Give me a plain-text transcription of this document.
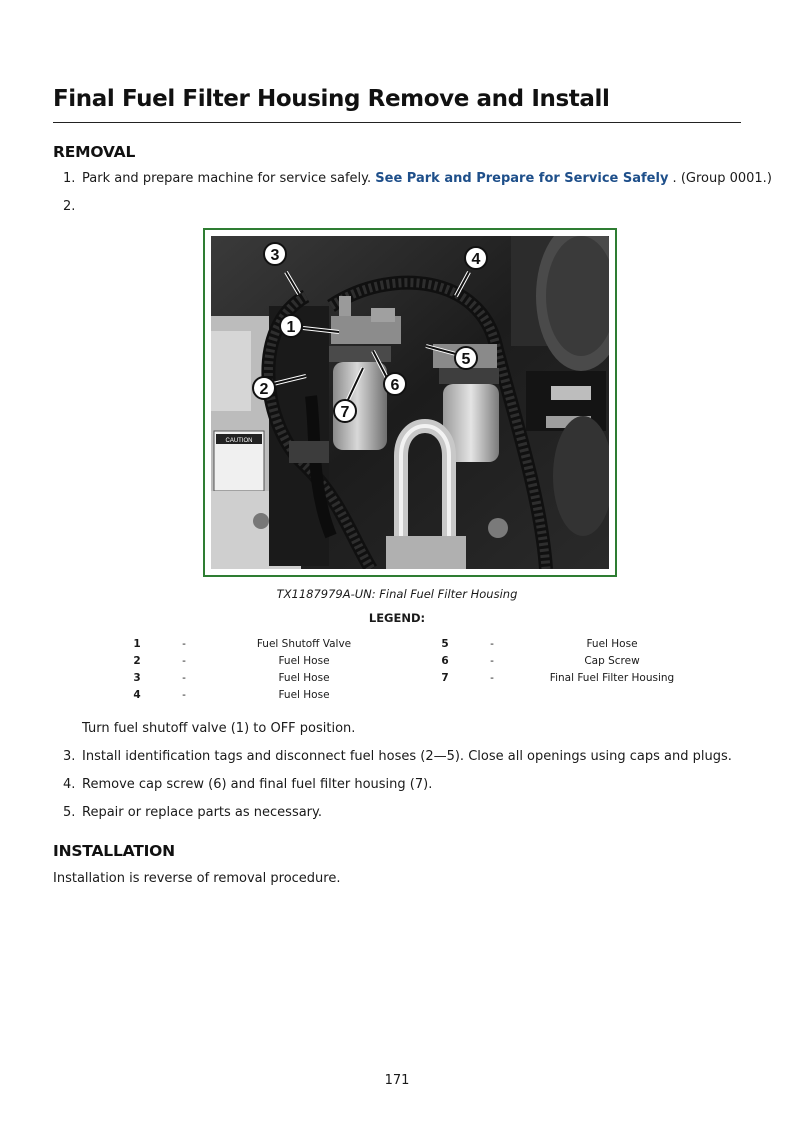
Final Fuel Filter Housing Remove and Install
REMOVAL
1. Park and prepare machine for service safely. See Park and Prepare for Service Safely . (Group 0001.)
2.
CAUTION
3	4
1
2
5
6
7
TX1187979A-UN: Final Fuel Filter Housing
LEGEND:
1	-	Fuel Shutoff Valve
2	-	Fuel Hose
3	-	Fuel Hose
4	-	Fuel Hose
5	-	Fuel Hose
6	-	Cap Screw
7	-	Final Fuel Filter Housing
Turn fuel shutoff valve (1) to OFF position.
3. Install identification tags and disconnect fuel hoses (2—5). Close all openings using caps and plugs.
4. Remove cap screw (6) and final fuel filter housing (7).
5. Repair or replace parts as necessary.
INSTALLATION
Installation is reverse of removal procedure.
171
